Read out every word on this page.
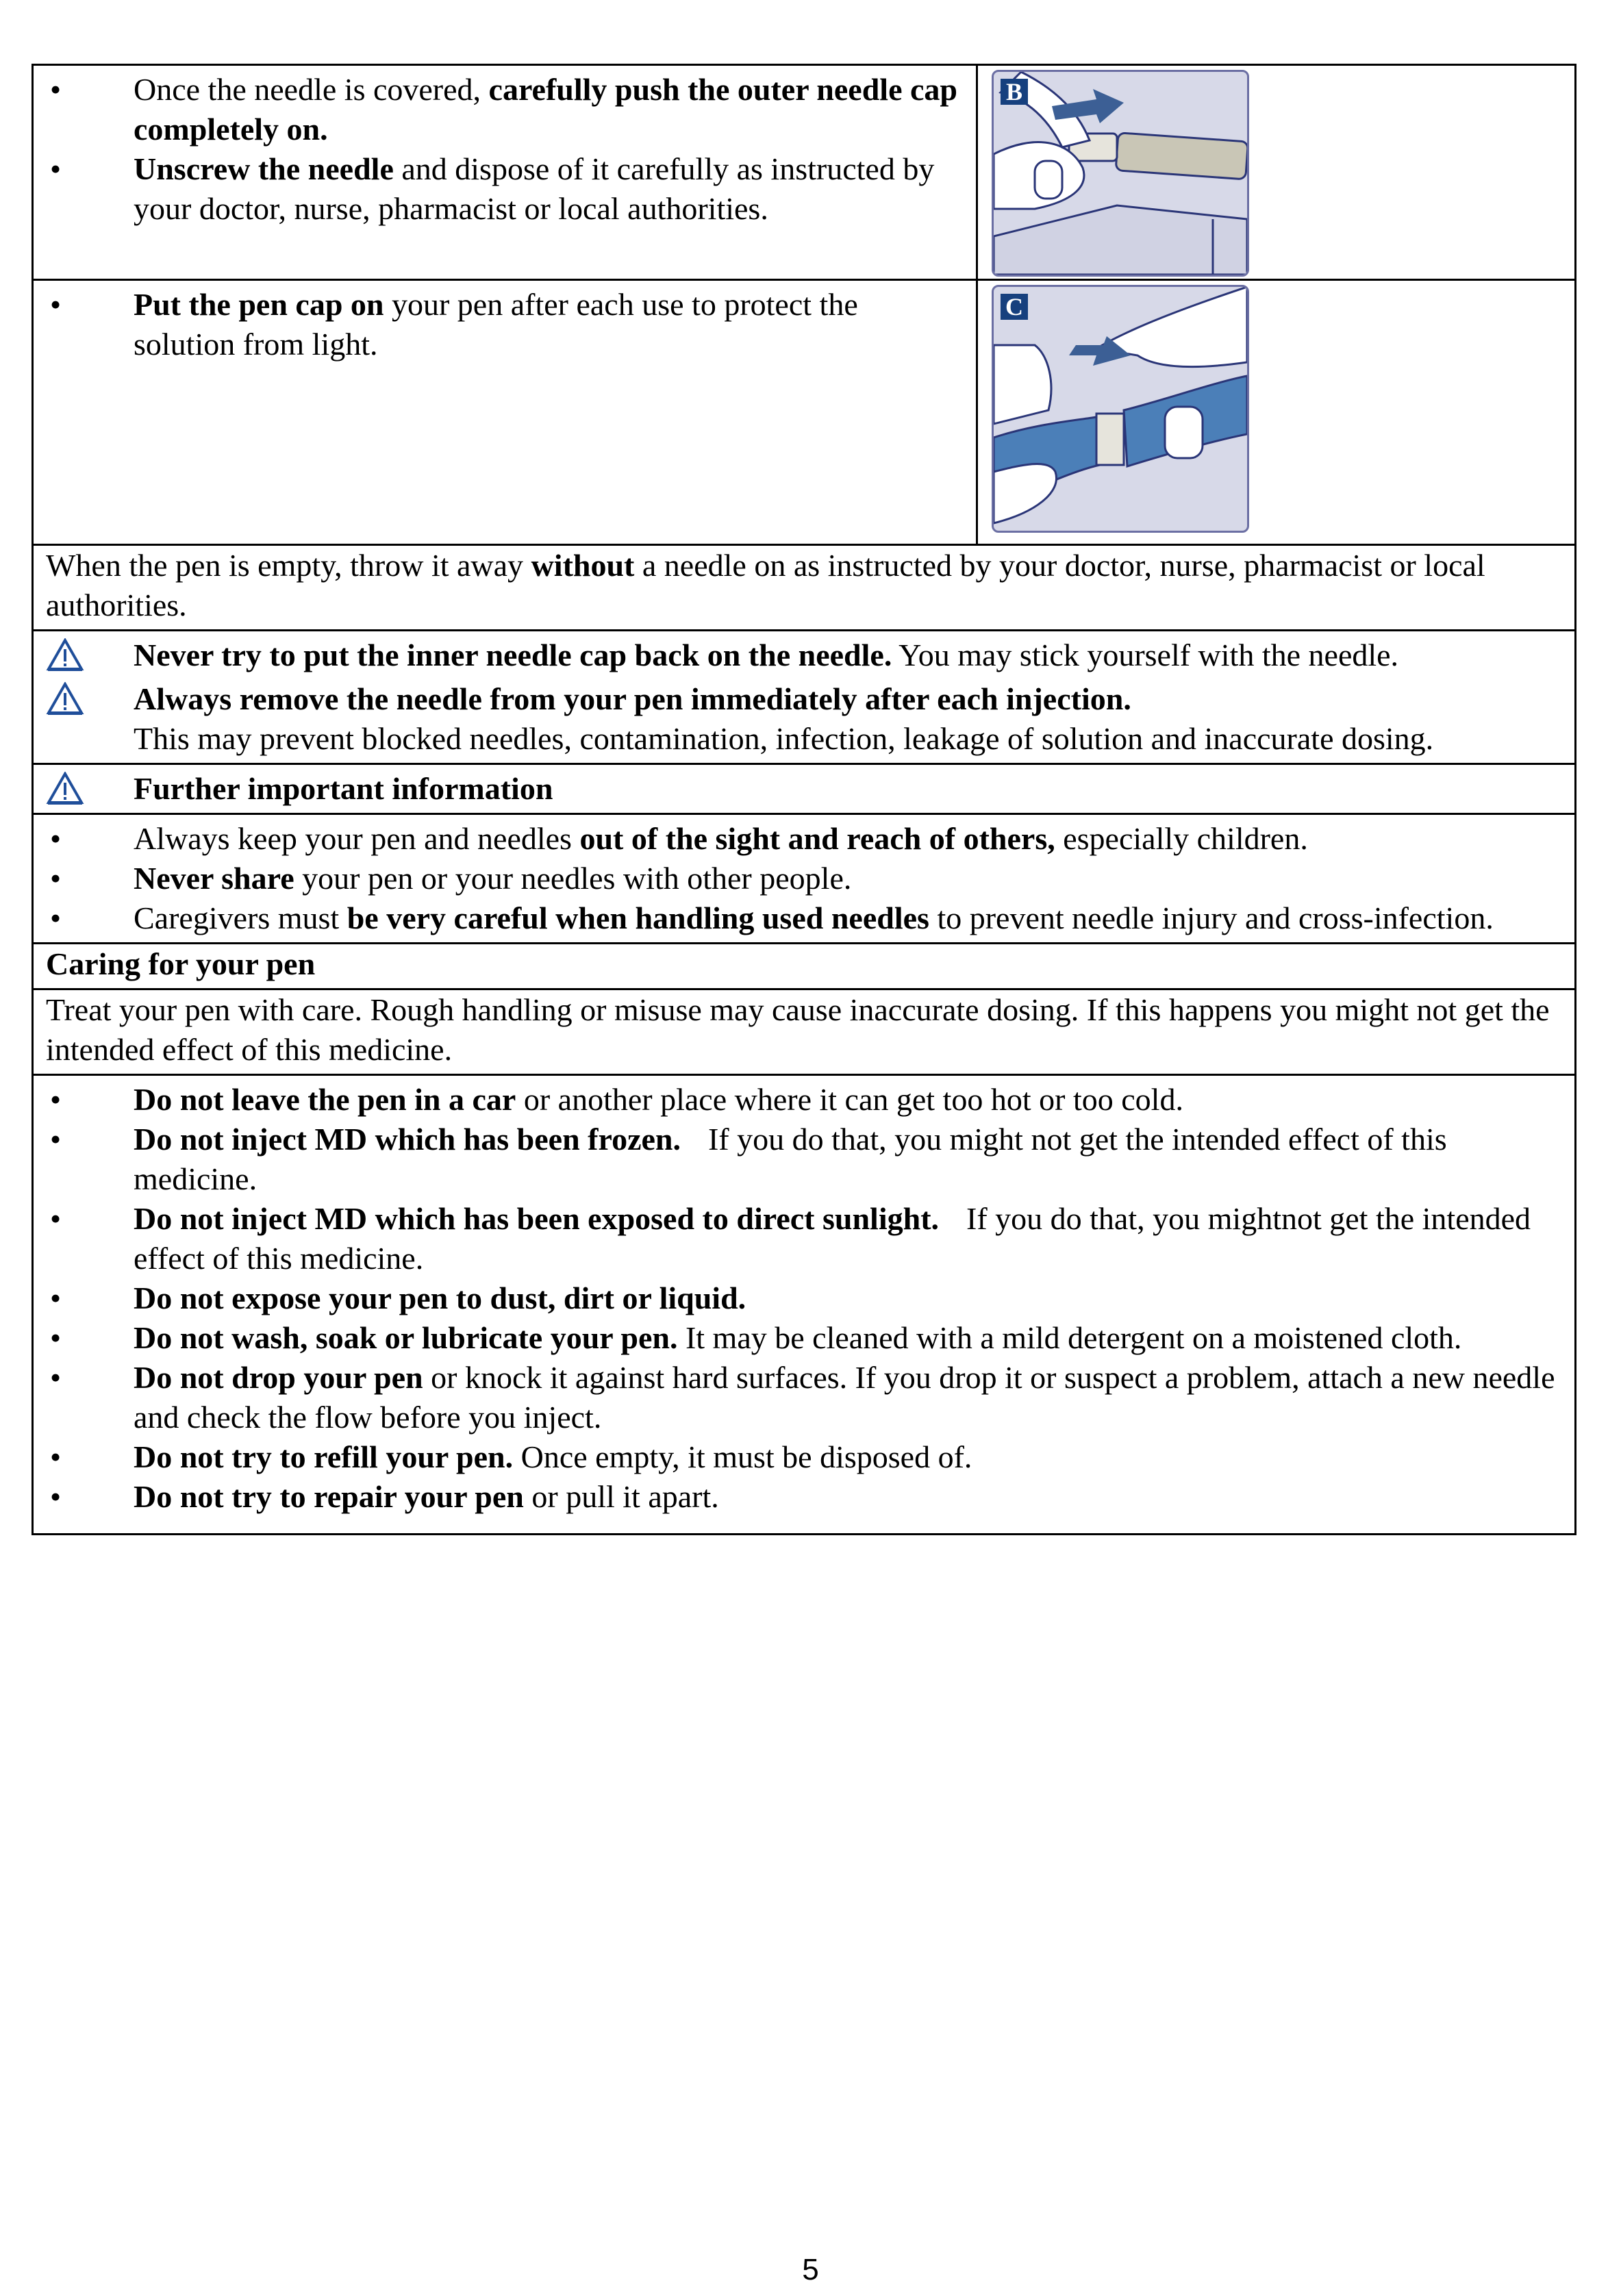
• Once the needle is covered, carefully push the outer needle cap completely on.
• Unscrew the needle and dispose of it carefully as instructed by your doctor, nurse, pharmacist or local authorities.

B

• Put the pen cap on your pen after each use to protect the solution from light.

C

When the pen is empty, throw it away without a needle on as instructed by your doctor, nurse, pharmacist or local authorities.	

Never try to put the inner needle cap back on the needle. You may stick yourself with the needle.
Always remove the needle from your pen immediately after each injection.
This may prevent blocked needles, contamination, infection, leakage of solution and inaccurate dosing.	

Further important information	

• Always keep your pen and needles out of the sight and reach of others, especially children.
• Never share your pen or your needles with other people.
• Caregivers must be very careful when handling used needles to prevent needle injury and cross-infection.

Caring for your pen	
Treat your pen with care. Rough handling or misuse may cause inaccurate dosing. If this happens you might not get the intended effect of this medicine.	

• Do not leave the pen in a car or another place where it can get too hot or too cold.
• Do not inject MD which has been frozen. If you do that, you might not get the intended effect of this medicine.
• Do not inject MD which has been exposed to direct sunlight. If you do that, you mightnot get the intended effect of this medicine.
• Do not expose your pen to dust, dirt or liquid.
• Do not wash, soak or lubricate your pen. It may be cleaned with a mild detergent on a moistened cloth.
• Do not drop your pen or knock it against hard surfaces. If you drop it or suspect a problem, attach a new needle and check the flow before you inject.
• Do not try to refill your pen. Once empty, it must be disposed of.
• Do not try to repair your pen or pull it apart.
5
